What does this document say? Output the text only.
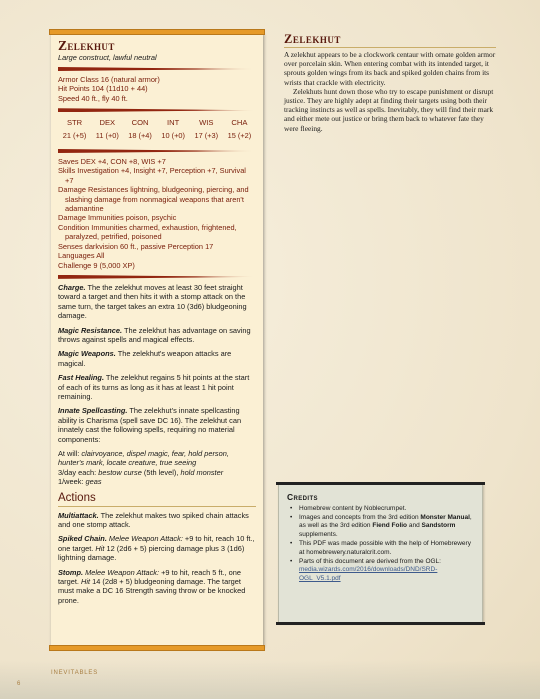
Zelekhut
Large construct, lawful neutral
Armor Class 16 (natural armor)
Hit Points 104 (11d10 + 44)
Speed 40 ft., fly 40 ft.
STR	DEX	CON	INT	WIS	CHA
21 (+5)	11 (+0)	18 (+4)	10 (+0)	17 (+3)	15 (+2)
Saves DEX +4, CON +8, WIS +7
Skills Investigation +4, Insight +7, Perception +7, Survival +7
Damage Resistances lightning, bludgeoning, piercing, and slashing damage from nonmagical weapons that aren't adamantine
Damage Immunities poison, psychic
Condition Immunities charmed, exhaustion, frightened, paralyzed, petrified, poisoned
Senses darkvision 60 ft., passive Perception 17
Languages All
Challenge 9 (5,000 XP)

Charge. The the zelekhut moves at least 30 feet straight toward a target and then hits it with a stomp attack on the same turn, the target takes an extra 10 (3d6) bludgeoning damage.

Magic Resistance. The zelekhut has advantage on saving throws against spells and magical effects.

Magic Weapons. The zelekhut's weapon attacks are magical.

Fast Healing. The zelekhut regains 5 hit points at the start of each of its turns as long as it has at least 1 hit point remaining.

Innate Spellcasting. The zelekhut's innate spellcasting ability is Charisma (spell save DC 16). The zelekhut can innately cast the following spells, requiring no material components:

At will: clairvoyance, dispel magic, fear, hold person, hunter's mark, locate creature, true seeing
3/day each: bestow curse (5th level), hold monster
1/week: geas

Actions

Multiattack. The zelekhut makes two spiked chain attacks and one stomp attack.

Spiked Chain. Melee Weapon Attack: +9 to hit, reach 10 ft., one target. Hit 12 (2d6 + 5) piercing damage plus 3 (1d6) lightning damage.

Stomp. Melee Weapon Attack: +9 to hit, reach 5 ft., one target. Hit 14 (2d8 + 5) bludgeoning damage. The target must make a DC 16 Strength saving throw or be knocked prone.

Zelekhut

A zelekhut appears to be a clockwork centaur with ornate golden armor over porcelain skin. When entering combat with its intended target, it sprouts golden wings from its back and spiked golden chains from its wrists that crackle with electricity.

Zelekhuts hunt down those who try to escape punishment or disrupt justice. They are highly adept at finding their targets using both their tracking instincts as well as spells. Inevitably, they will find their mark and either mete out justice or bring them back to whatever fate they were fleeing.

Credits
• Homebrew content by Noblecrumpet.
• Images and concepts from the 3rd edition Monster Manual, as well as the 3rd edition Fiend Folio and Sandstorm supplements.
• This PDF was made possible with the help of Homebrewery at homebrewery.naturalcrit.com.
• Parts of this document are derived from the OGL: media.wizards.com/2016/downloads/DND/SRD-OGL_V5.1.pdf
6
INEVITABLES
